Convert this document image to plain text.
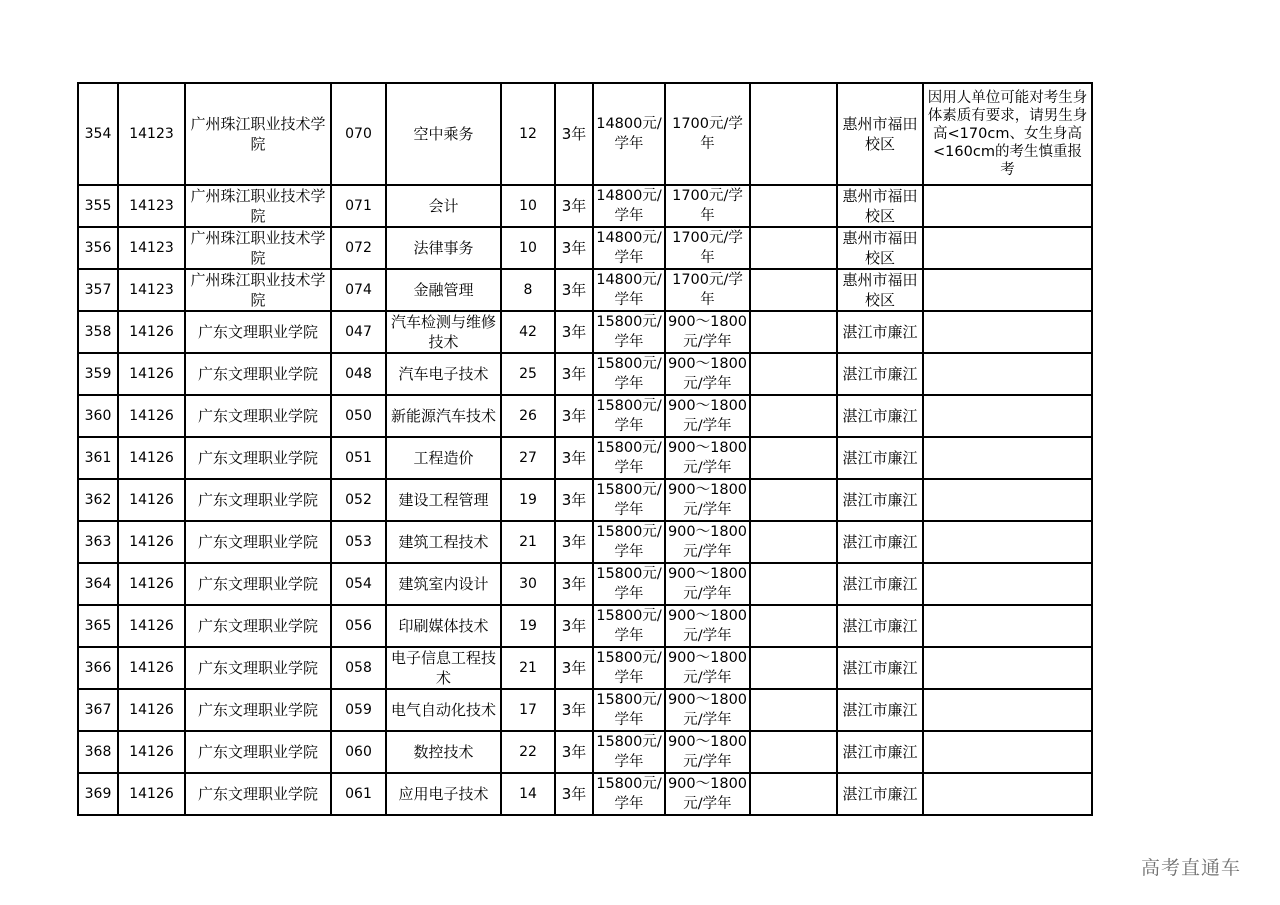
354	14123	广州珠江职业技术学院	070	空中乘务	12	3年	14800元/学年	1700元/学年		惠州市福田校区	因用人单位可能对考生身体素质有要求，请男生身高<170cm、女生身高<160cm的考生慎重报考
355	14123	广州珠江职业技术学院	071	会计	10	3年	14800元/学年	1700元/学年		惠州市福田校区	
356	14123	广州珠江职业技术学院	072	法律事务	10	3年	14800元/学年	1700元/学年		惠州市福田校区	
357	14123	广州珠江职业技术学院	074	金融管理	8	3年	14800元/学年	1700元/学年		惠州市福田校区	
358	14126	广东文理职业学院	047	汽车检测与维修技术	42	3年	15800元/学年	900～1800元/学年		湛江市廉江	
359	14126	广东文理职业学院	048	汽车电子技术	25	3年	15800元/学年	900～1800元/学年		湛江市廉江	
360	14126	广东文理职业学院	050	新能源汽车技术	26	3年	15800元/学年	900～1800元/学年		湛江市廉江	
361	14126	广东文理职业学院	051	工程造价	27	3年	15800元/学年	900～1800元/学年		湛江市廉江	
362	14126	广东文理职业学院	052	建设工程管理	19	3年	15800元/学年	900～1800元/学年		湛江市廉江	
363	14126	广东文理职业学院	053	建筑工程技术	21	3年	15800元/学年	900～1800元/学年		湛江市廉江	
364	14126	广东文理职业学院	054	建筑室内设计	30	3年	15800元/学年	900～1800元/学年		湛江市廉江	
365	14126	广东文理职业学院	056	印刷媒体技术	19	3年	15800元/学年	900～1800元/学年		湛江市廉江	
366	14126	广东文理职业学院	058	电子信息工程技术	21	3年	15800元/学年	900～1800元/学年		湛江市廉江	
367	14126	广东文理职业学院	059	电气自动化技术	17	3年	15800元/学年	900～1800元/学年		湛江市廉江	
368	14126	广东文理职业学院	060	数控技术	22	3年	15800元/学年	900～1800元/学年		湛江市廉江	
369	14126	广东文理职业学院	061	应用电子技术	14	3年	15800元/学年	900～1800元/学年		湛江市廉江	
高考直通车
